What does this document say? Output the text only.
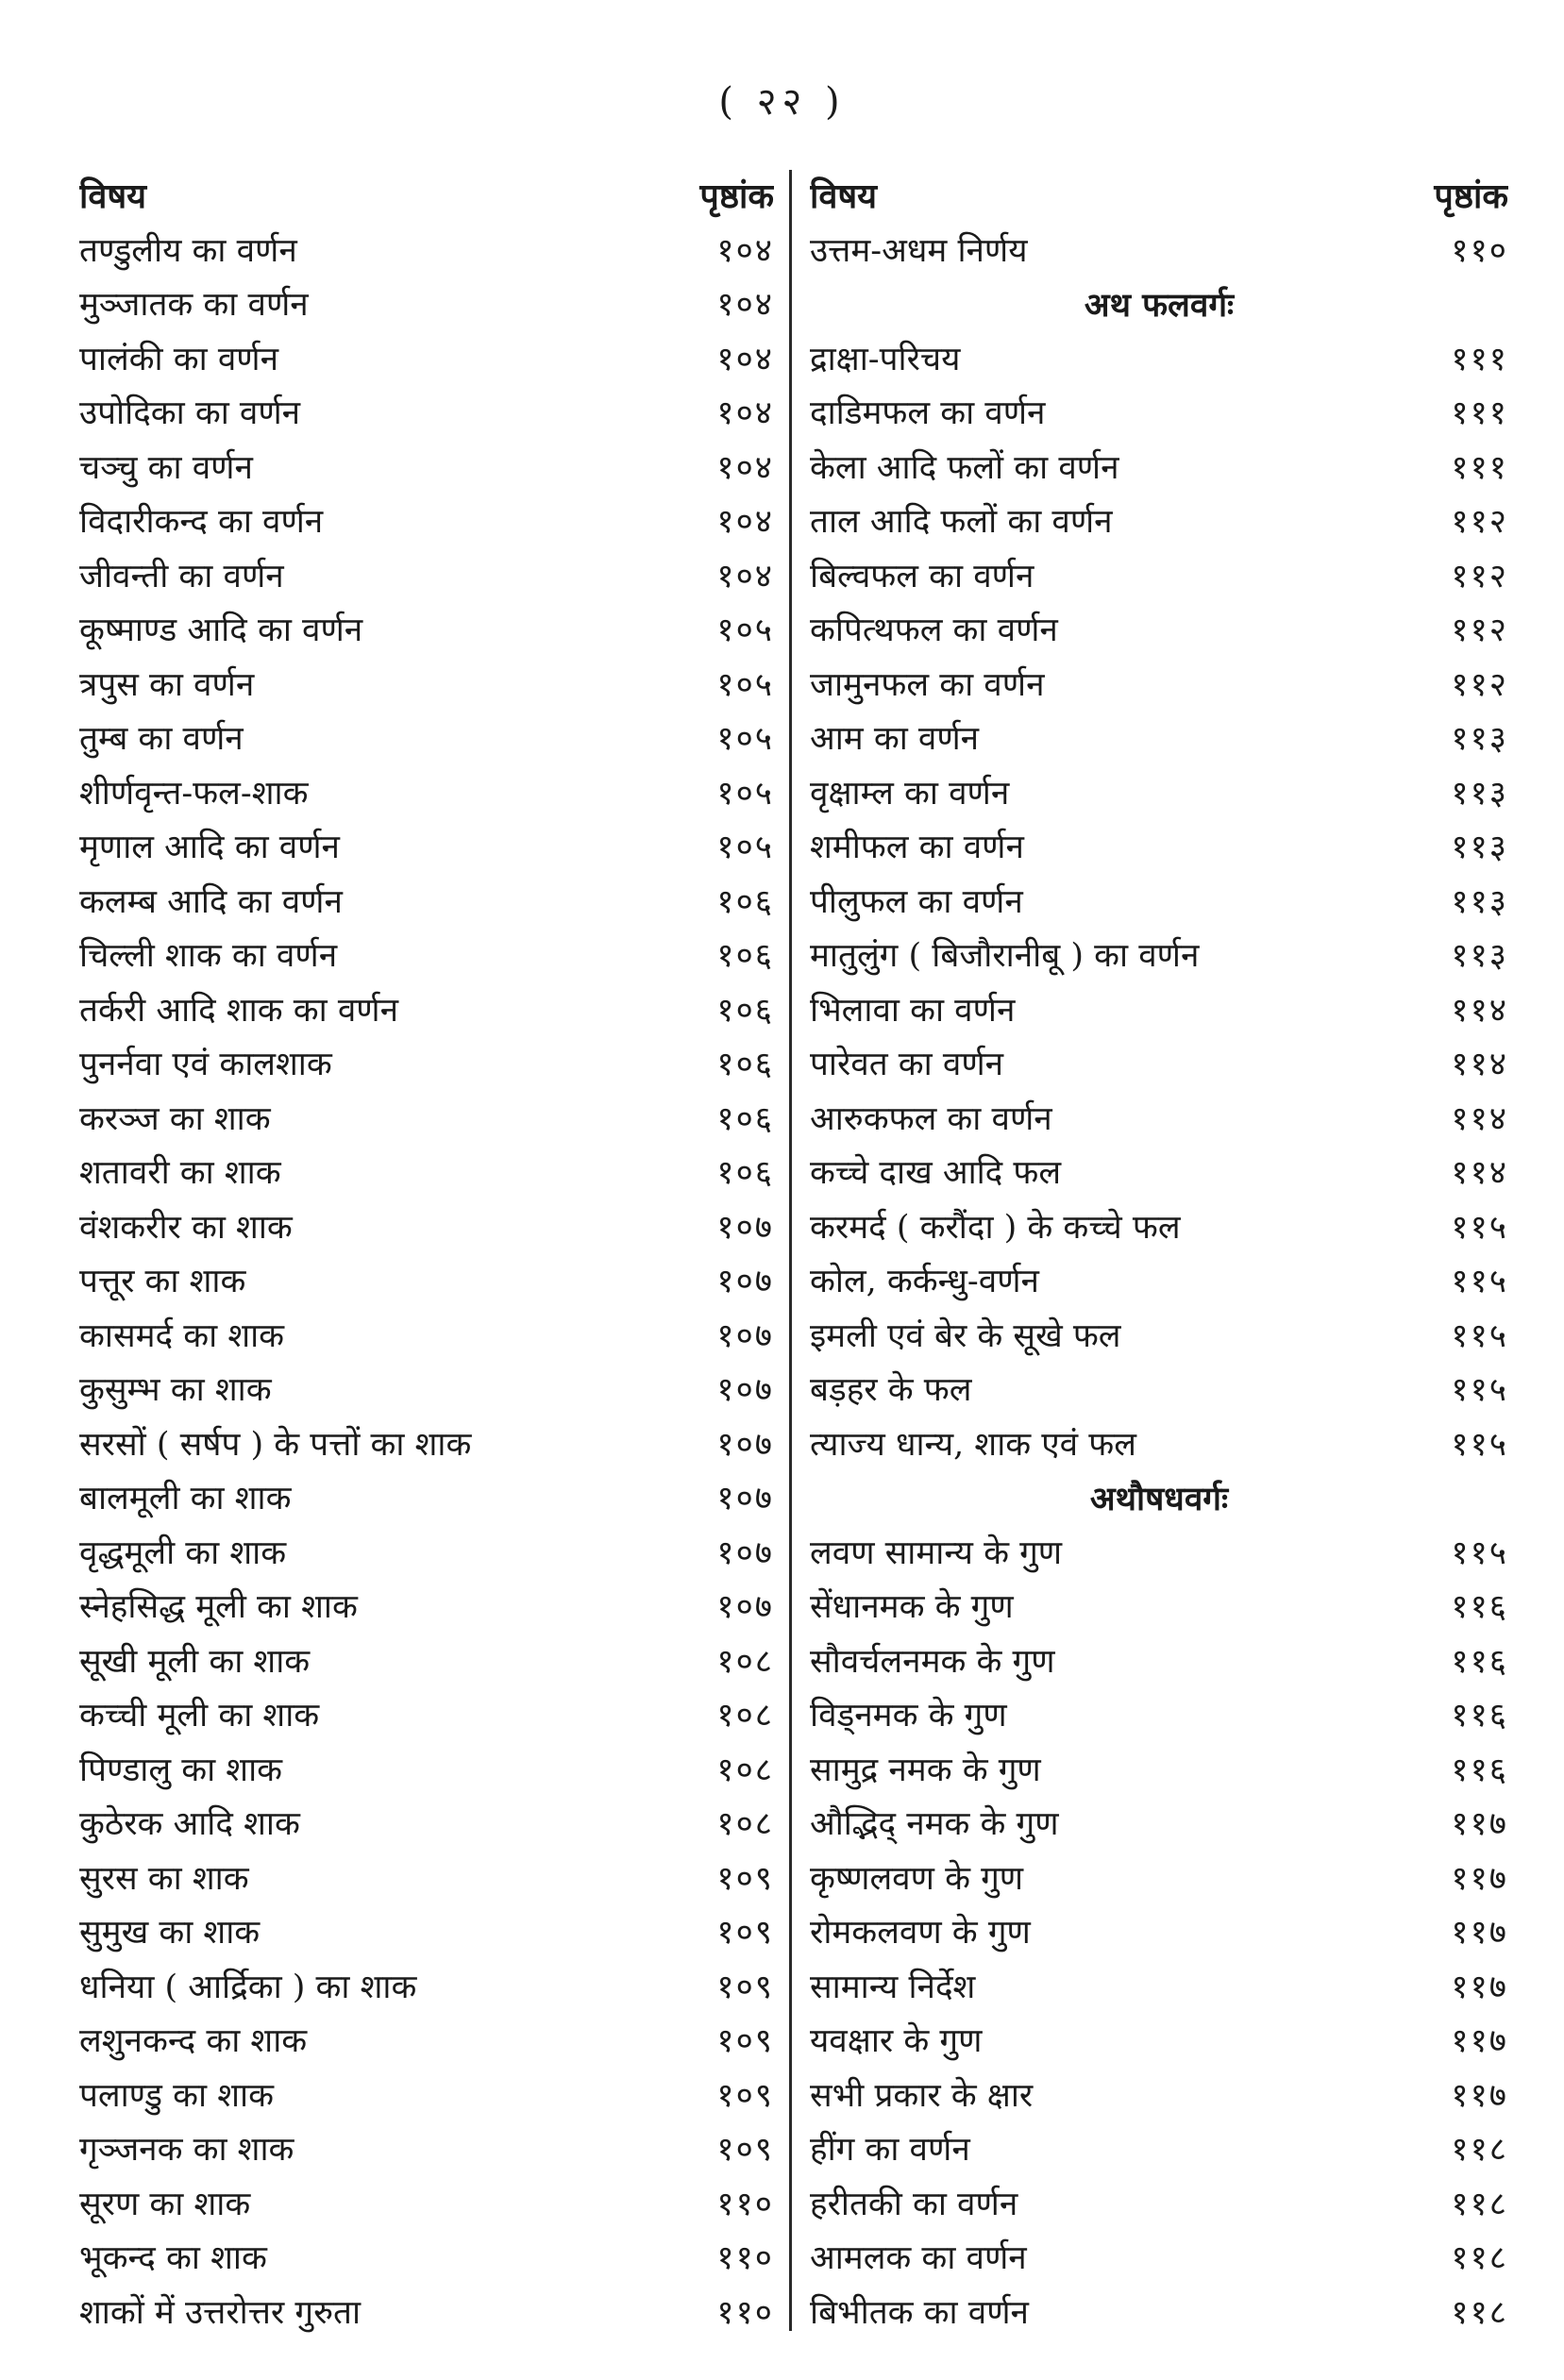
( २२ )
विषय	पृष्ठांक
तण्डुलीय का वर्णन	१०४
मुञ्जातक का वर्णन	१०४
पालंकी का वर्णन	१०४
उपोदिका का वर्णन	१०४
चञ्चु का वर्णन	१०४
विदारीकन्द का वर्णन	१०४
जीवन्ती का वर्णन	१०४
कूष्माण्ड आदि का वर्णन	१०५
त्रपुस का वर्णन	१०५
तुम्ब का वर्णन	१०५
शीर्णवृन्त-फल-शाक	१०५
मृणाल आदि का वर्णन	१०५
कलम्ब आदि का वर्णन	१०६
चिल्ली शाक का वर्णन	१०६
तर्करी आदि शाक का वर्णन	१०६
पुनर्नवा एवं कालशाक	१०६
करञ्ज का शाक	१०६
शतावरी का शाक	१०६
वंशकरीर का शाक	१०७
पत्तूर का शाक	१०७
कासमर्द का शाक	१०७
कुसुम्भ का शाक	१०७
सरसों ( सर्षप ) के पत्तों का शाक	१०७
बालमूली का शाक	१०७
वृद्धमूली का शाक	१०७
स्नेहसिद्ध मूली का शाक	१०७
सूखी मूली का शाक	१०८
कच्ची मूली का शाक	१०८
पिण्डालु का शाक	१०८
कुठेरक आदि शाक	१०८
सुरस का शाक	१०९
सुमुख का शाक	१०९
धनिया ( आर्द्रिका ) का शाक	१०९
लशुनकन्द का शाक	१०९
पलाण्डु का शाक	१०९
गृञ्जनक का शाक	१०९
सूरण का शाक	११०
भूकन्द का शाक	११०
शाकों में उत्तरोत्तर गुरुता	११०
विषय	पृष्ठांक
उत्तम-अधम निर्णय	११०
अथ फलवर्गः
द्राक्षा-परिचय	१११
दाडिमफल का वर्णन	१११
केला आदि फलों का वर्णन	१११
ताल आदि फलों का वर्णन	११२
बिल्वफल का वर्णन	११२
कपित्थफल का वर्णन	११२
जामुनफल का वर्णन	११२
आम का वर्णन	११३
वृक्षाम्ल का वर्णन	११३
शमीफल का वर्णन	११३
पीलुफल का वर्णन	११३
मातुलुंग ( बिजौरानीबू ) का वर्णन	११३
भिलावा का वर्णन	११४
पारेवत का वर्णन	११४
आरुकफल का वर्णन	११४
कच्चे दाख आदि फल	११४
करमर्द ( करौंदा ) के कच्चे फल	११५
कोल, कर्कन्धु-वर्णन	११५
इमली एवं बेर के सूखे फल	११५
बड़हर के फल	११५
त्याज्य धान्य, शाक एवं फल	११५
अथौषधवर्गः
लवण सामान्य के गुण	११५
सेंधानमक के गुण	११६
सौवर्चलनमक के गुण	११६
विड्नमक के गुण	११६
सामुद्र नमक के गुण	११६
औद्भिद् नमक के गुण	११७
कृष्णलवण के गुण	११७
रोमकलवण के गुण	११७
सामान्य निर्देश	११७
यवक्षार के गुण	११७
सभी प्रकार के क्षार	११७
हींग का वर्णन	११८
हरीतकी का वर्णन	११८
आमलक का वर्णन	११८
बिभीतक का वर्णन	११८
